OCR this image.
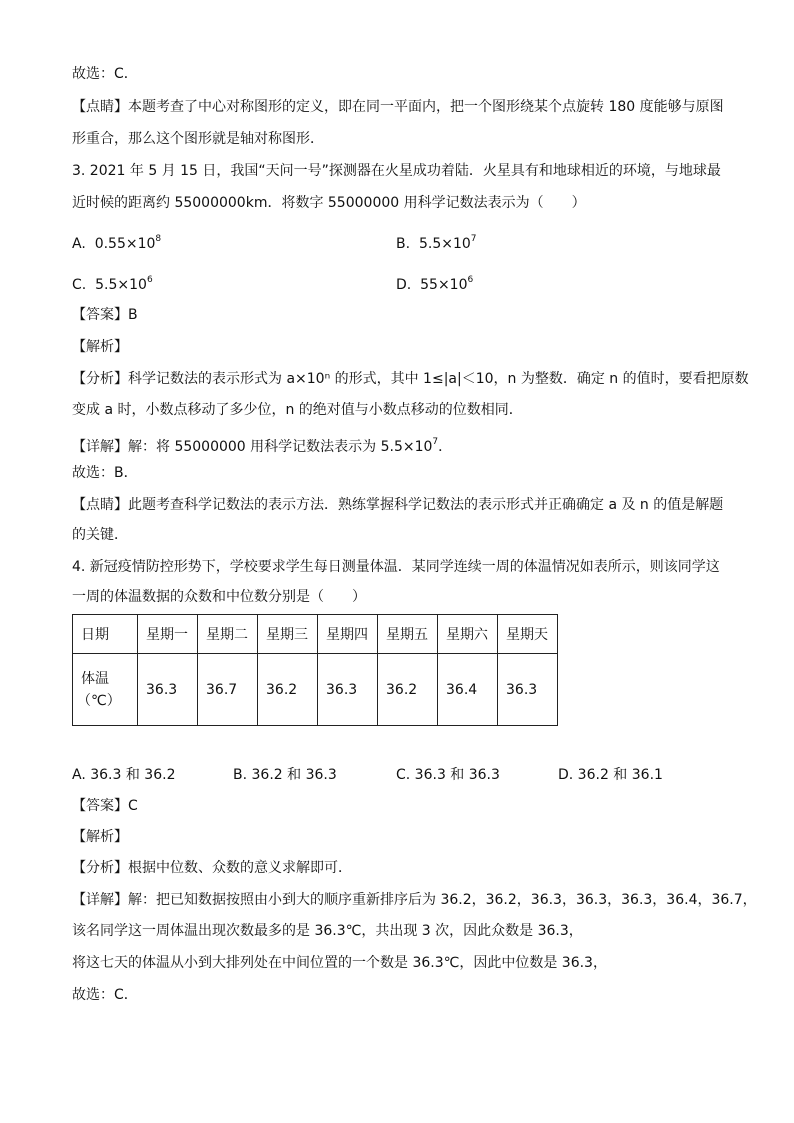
故选：C．
【点睛】本题考查了中心对称图形的定义，即在同一平面内，把一个图形绕某个点旋转 180 度能够与原图
形重合，那么这个图形就是轴对称图形．
3. 2021 年 5 月 15 日，我国“天问一号”探测器在火星成功着陆．火星具有和地球相近的环境，与地球最
近时候的距离约 55000000km．将数字 55000000 用科学记数法表示为（　　）
A. $0.55\times 10^8$	B. $5.5\times 10^7$
C. $5.5\times 10^6$	D. $55\times 10^6$
【答案】B
【解析】
【分析】科学记数法的表示形式为 a×10ⁿ 的形式，其中 1≤|a|＜10，n 为整数．确定 n 的值时，要看把原数
变成 a 时，小数点移动了多少位，n 的绝对值与小数点移动的位数相同．
【详解】解：将 55000000 用科学记数法表示为 $5.5\times 10^7$．
故选：B．
【点睛】此题考查科学记数法的表示方法．熟练掌握科学记数法的表示形式并正确确定 a 及 n 的值是解题
的关键．
4. 新冠疫情防控形势下，学校要求学生每日测量体温．某同学连续一周的体温情况如表所示，则该同学这
一周的体温数据的众数和中位数分别是（　　）
日期	星期一	星期二	星期三	星期四	星期五	星期六	星期天

体温
（℃）	36.3	36.7	36.2	36.3	36.2	36.4	36.3
A. 36.3 和 36.2	B. 36.2 和 36.3	C. 36.3 和 36.3	D. 36.2 和 36.1
【答案】C
【解析】
【分析】根据中位数、众数的意义求解即可．
【详解】解：把已知数据按照由小到大的顺序重新排序后为 36.2，36.2，36.3，36.3，36.3，36.4，36.7，
该名同学这一周体温出现次数最多的是 36.3℃，共出现 3 次，因此众数是 36.3，
将这七天的体温从小到大排列处在中间位置的一个数是 36.3℃，因此中位数是 36.3，
故选：C．
